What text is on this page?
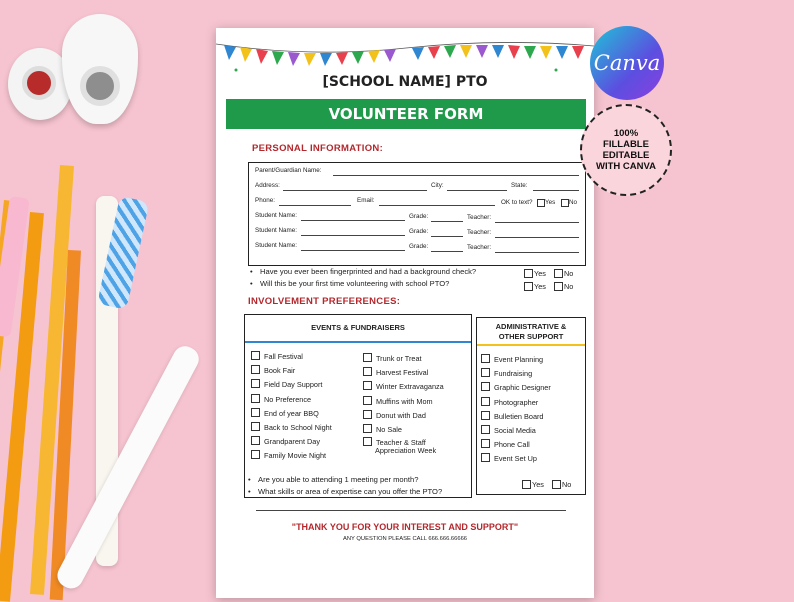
[SCHOOL NAME] PTO
VOLUNTEER FORM
PERSONAL INFORMATION:
Parent/Guardian Name:
Address:	City:	State:
Phone:	Email:	OK to text? Yes No
Student Name:	Grade:	Teacher:
Student Name:	Grade:	Teacher:
Student Name:	Grade:	Teacher:
• Have you ever been fingerprinted and had a background check?	Yes No
• Will this be your first time volunteering with school PTO?	Yes No
INVOLVEMENT PREFERENCES:
EVENTS & FUNDRAISERS
Fall Festival
Book Fair
Field Day Support
No Preference
End of year BBQ
Back to School Night
Grandparent Day
Family Movie Night
Trunk or Treat
Harvest Festival
Winter Extravaganza
Muffins with Mom
Donut with Dad
No Sale
Teacher & Staff
Appreciation Week
ADMINISTRATIVE &
OTHER SUPPORT
Event Planning
Fundraising
Graphic Designer
Photographer
Bulletien Board
Social Media
Phone Call
Event Set Up
• Are you able to attending 1 meeting per month?
Yes No
• What skills or area of expertise can you offer the PTO?
"THANK YOU FOR YOUR INTEREST AND SUPPORT"
ANY QUESTION PLEASE CALL 666.666.66666
Canva
100%
FILLABLE
EDITABLE
WITH CANVA
